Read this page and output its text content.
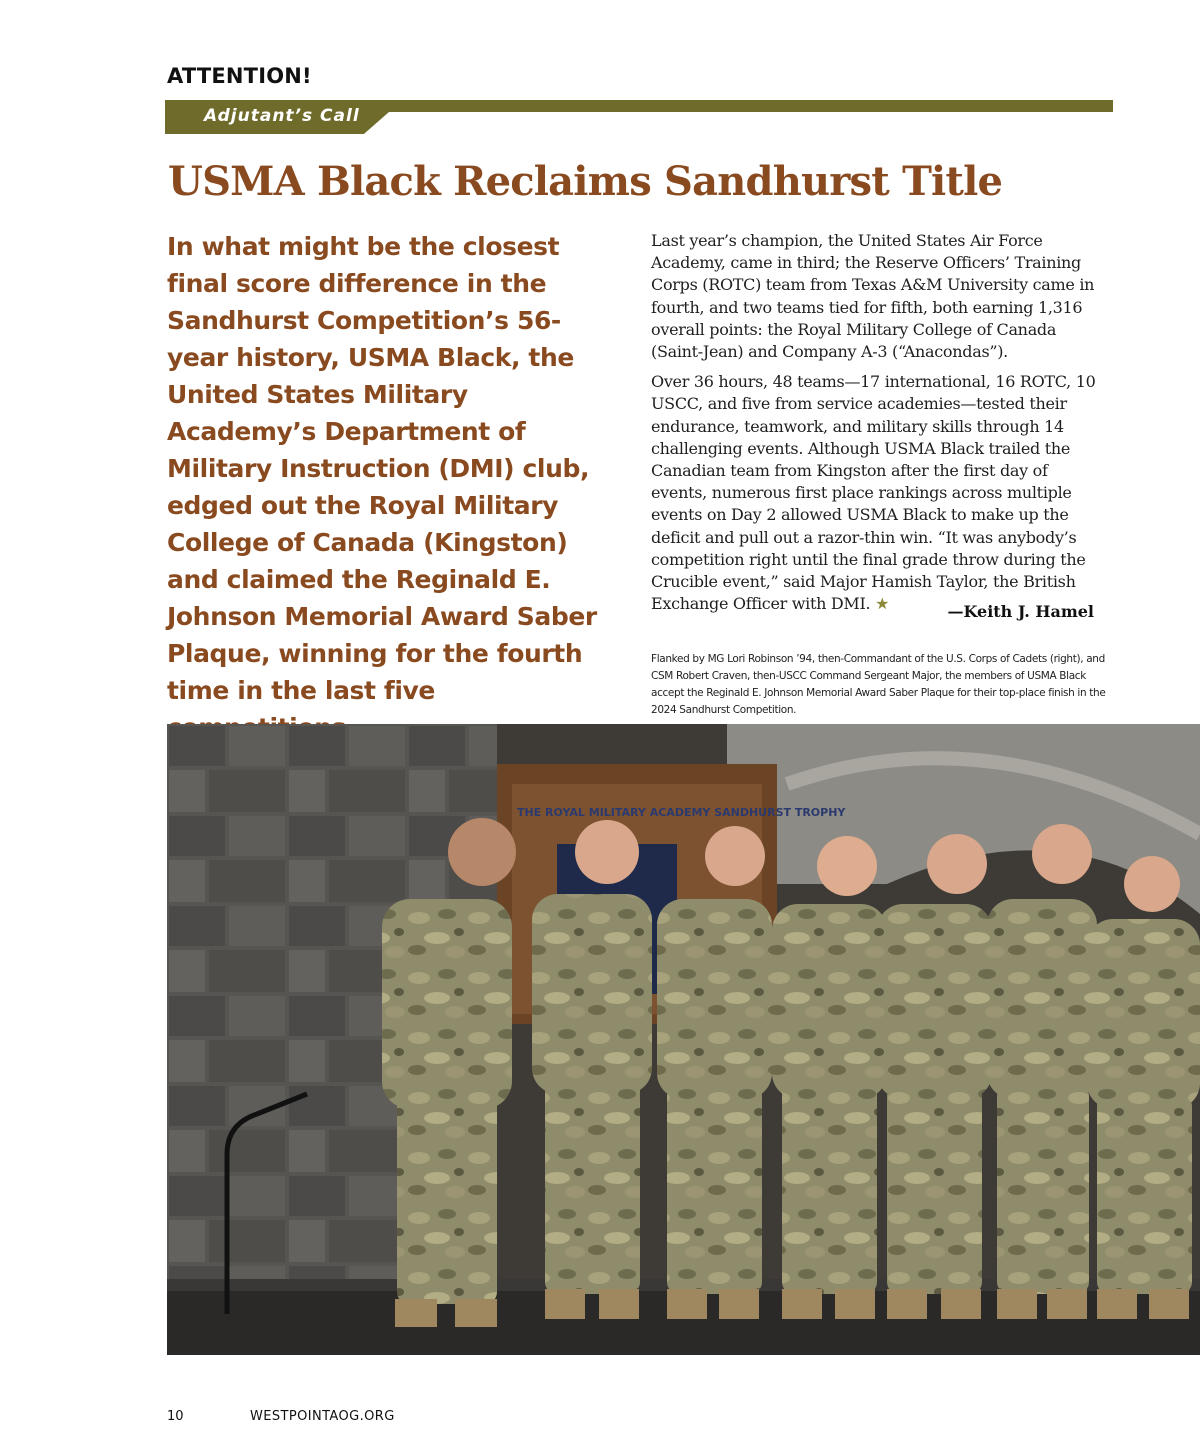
ATTENTION!
Adjutant’s Call
USMA Black Reclaims Sandhurst Title

In what might be the closest final score difference in the Sandhurst Competition’s 56-year history, USMA Black, the United States Military Academy’s Department of Military Instruction (DMI) club, edged out the Royal Military College of Canada (Kingston) and claimed the Reginald E. Johnson Memorial Award Saber Plaque, winning for the fourth time in the last five

Last year’s champion, the United States Air Force Academy, came in third; the Reserve Officers’ Training Corps (ROTC) team from Texas A&M University came in fourth, and two teams tied for fifth, both earning 1,316 overall points: the Royal Military College of Canada (Saint-Jean) and Company A-3 (“Anacondas”).

Over 36 hours, 48 teams—17 international, 16 ROTC, 10 USCC, and five from service academies—tested their endurance, teamwork, and military skills through 14 challenging events. Although USMA Black trailed the Canadian team from Kingston after the first day of events, numerous first place rankings across multiple events on Day 2 allowed USMA Black to make up the deficit and pull out a razor-thin win. “It was anybody’s competition right until the final grade throw during the Crucible event,” said Major Hamish Taylor, the British Exchange Officer with DMI. ★	—Keith J. Hamel

Flanked by MG Lori Robinson ’94, then-Commandant of the U.S. Corps of Cadets (right), and CSM Robert Craven, then-USCC Command Sergeant Major, the members of USMA Black accept the Reginald E. Johnson Memorial Award Saber Plaque for their top-place finish in the 2024 Sandhurst Competition.

THE ROYAL MILITARY ACADEMY SANDHURST TROPHY
10	WESTPOINTAOG.ORG
